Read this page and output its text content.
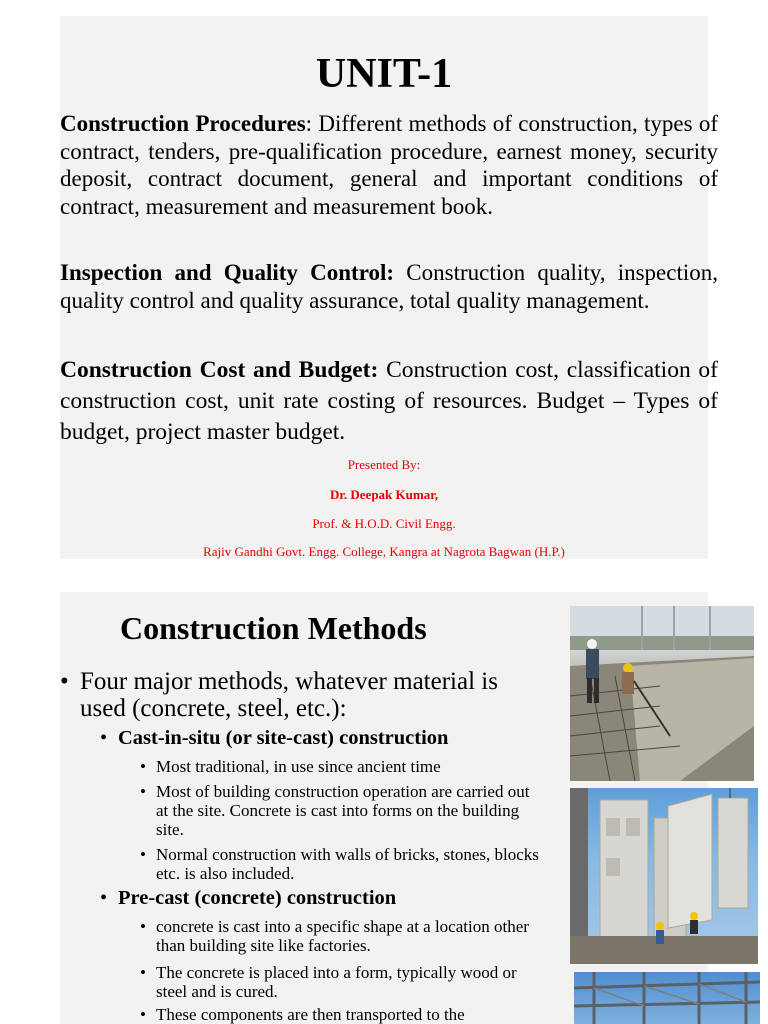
UNIT-1
Construction Procedures: Different methods of construction, types of contract, tenders, pre-qualification procedure, earnest money, security deposit, contract document, general and important conditions of contract, measurement and measurement book.
Inspection and Quality Control: Construction quality, inspection, quality control and quality assurance, total quality management.
Construction Cost and Budget: Construction cost, classification of construction cost, unit rate costing of resources. Budget – Types of budget, project master budget.
Presented By:
Dr. Deepak Kumar,
Prof. & H.O.D. Civil Engg.
Rajiv Gandhi Govt. Engg. College, Kangra at Nagrota Bagwan (H.P.)
Construction Methods
• Four major methods, whatever material is used (concrete, steel, etc.):
• Cast-in-situ (or site-cast) construction
• Most traditional, in use since ancient time
• Most of building construction operation are carried out at the site. Concrete is cast into forms on the building site.
• Normal construction with walls of bricks, stones, blocks etc. is also included.
• Pre-cast (concrete) construction
• concrete is cast into a specific shape at a location other than building site like factories.
• The concrete is placed into a form, typically wood or steel and is cured.
• These components are then transported to the
